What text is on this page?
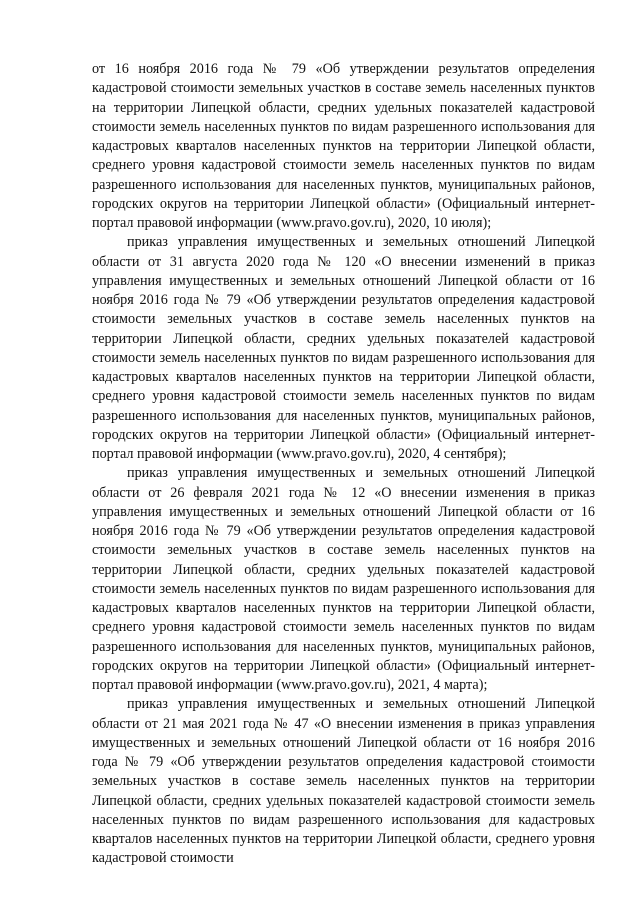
от 16 ноября 2016 года № 79 «Об утверждении результатов определения кадастровой стоимости земельных участков в составе земель населенных пунктов на территории Липецкой области, средних удельных показателей кадастровой стоимости земель населенных пунктов по видам разрешенного использования для кадастровых кварталов населенных пунктов на территории Липецкой области, среднего уровня кадастровой стоимости земель населенных пунктов по видам разрешенного использования для населенных пунктов, муниципальных районов, городских округов на территории Липецкой области» (Официальный интернет-портал правовой информации (www.pravo.gov.ru), 2020, 10 июля);

приказ управления имущественных и земельных отношений Липецкой области от 31 августа 2020 года № 120 «О внесении изменений в приказ управления имущественных и земельных отношений Липецкой области от 16 ноября 2016 года № 79 «Об утверждении результатов определения кадастровой стоимости земельных участков в составе земель населенных пунктов на территории Липецкой области, средних удельных показателей кадастровой стоимости земель населенных пунктов по видам разрешенного использования для кадастровых кварталов населенных пунктов на территории Липецкой области, среднего уровня кадастровой стоимости земель населенных пунктов по видам разрешенного использования для населенных пунктов, муниципальных районов, городских округов на территории Липецкой области» (Официальный интернет-портал правовой информации (www.pravo.gov.ru), 2020, 4 сентября);

приказ управления имущественных и земельных отношений Липецкой области от 26 февраля 2021 года № 12 «О внесении изменения в приказ управления имущественных и земельных отношений Липецкой области от 16 ноября 2016 года № 79 «Об утверждении результатов определения кадастровой стоимости земельных участков в составе земель населенных пунктов на территории Липецкой области, средних удельных показателей кадастровой стоимости земель населенных пунктов по видам разрешенного использования для кадастровых кварталов населенных пунктов на территории Липецкой области, среднего уровня кадастровой стоимости земель населенных пунктов по видам разрешенного использования для населенных пунктов, муниципальных районов, городских округов на территории Липецкой области» (Официальный интернет-портал правовой информации (www.pravo.gov.ru), 2021, 4 марта);

приказ управления имущественных и земельных отношений Липецкой области от 21 мая 2021 года № 47 «О внесении изменения в приказ управления имущественных и земельных отношений Липецкой области от 16 ноября 2016 года № 79 «Об утверждении результатов определения кадастровой стоимости земельных участков в составе земель населенных пунктов на территории Липецкой области, средних удельных показателей кадастровой стоимости земель населенных пунктов по видам разрешенного использования для кадастровых кварталов населенных пунктов на территории Липецкой области, среднего уровня кадастровой стоимости
